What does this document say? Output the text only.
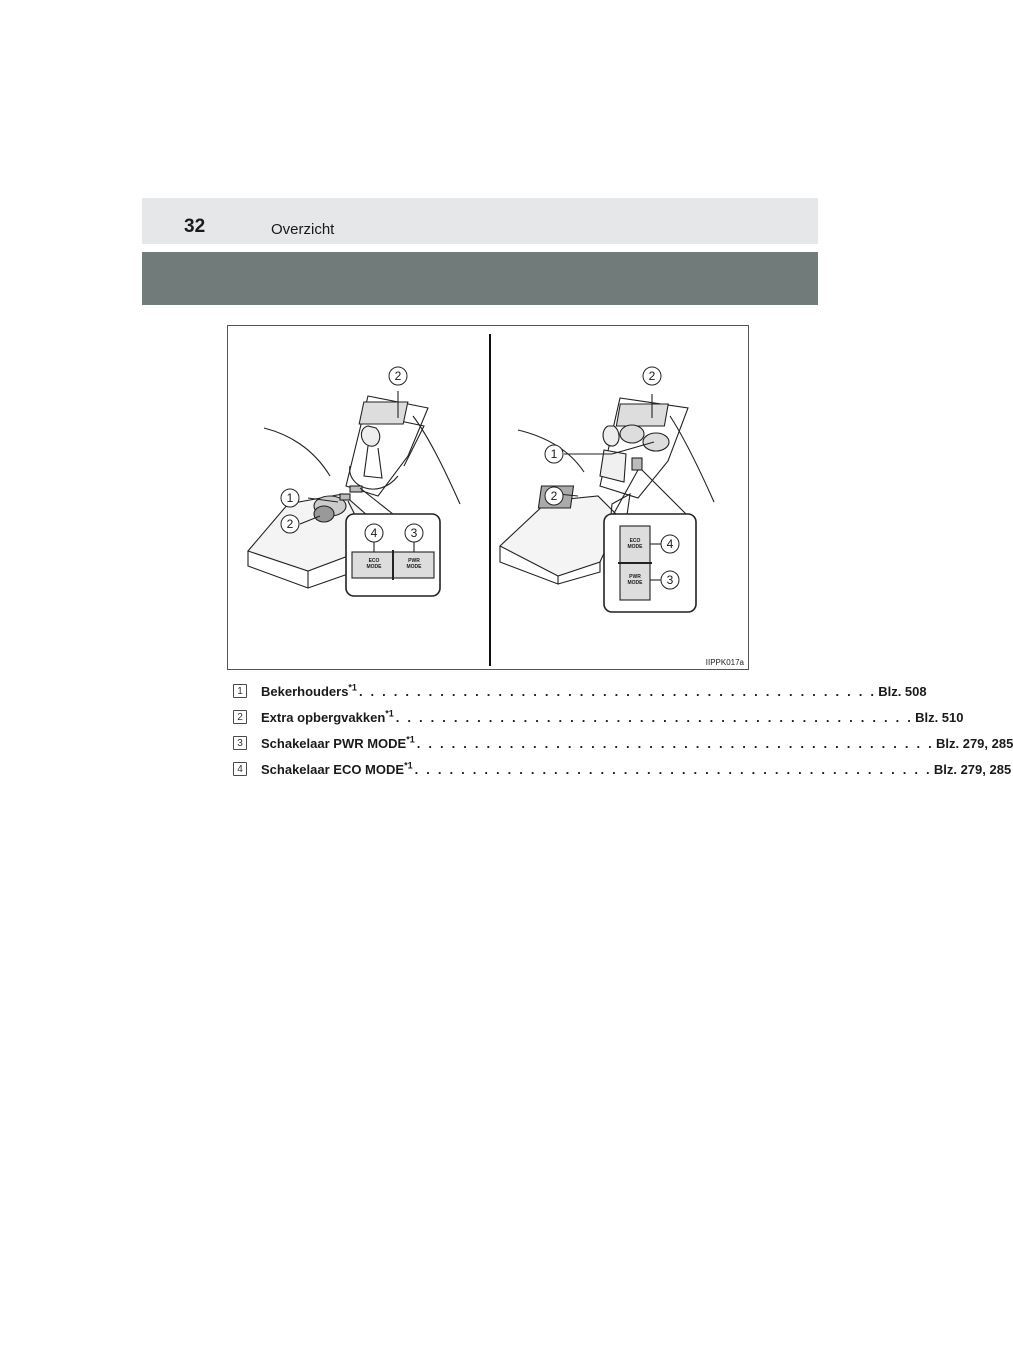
32	Overzicht
2
1
2
4	3
2
1
2
4
3
ECO
MODE
PWR
MODE
ECO
MODE
PWR
MODE
IIPPK017a
1	Bekerhouders$^{*1}$ . . . . . . . . . . . . . . . . . . . . . . . . . . . . . . . . . . . . . . . . . . . . . Blz. 508
2	Extra opbergvakken$^{*1}$ . . . . . . . . . . . . . . . . . . . . . . . . . . . . . . . . . . . . . . . . . . . . . Blz. 510
3	Schakelaar PWR MODE$^{*1}$ . . . . . . . . . . . . . . . . . . . . . . . . . . . . . . . . . . . . . . . . . . . . . Blz. 279, 285
4	Schakelaar ECO MODE$^{*1}$ . . . . . . . . . . . . . . . . . . . . . . . . . . . . . . . . . . . . . . . . . . . . . Blz. 279, 285
